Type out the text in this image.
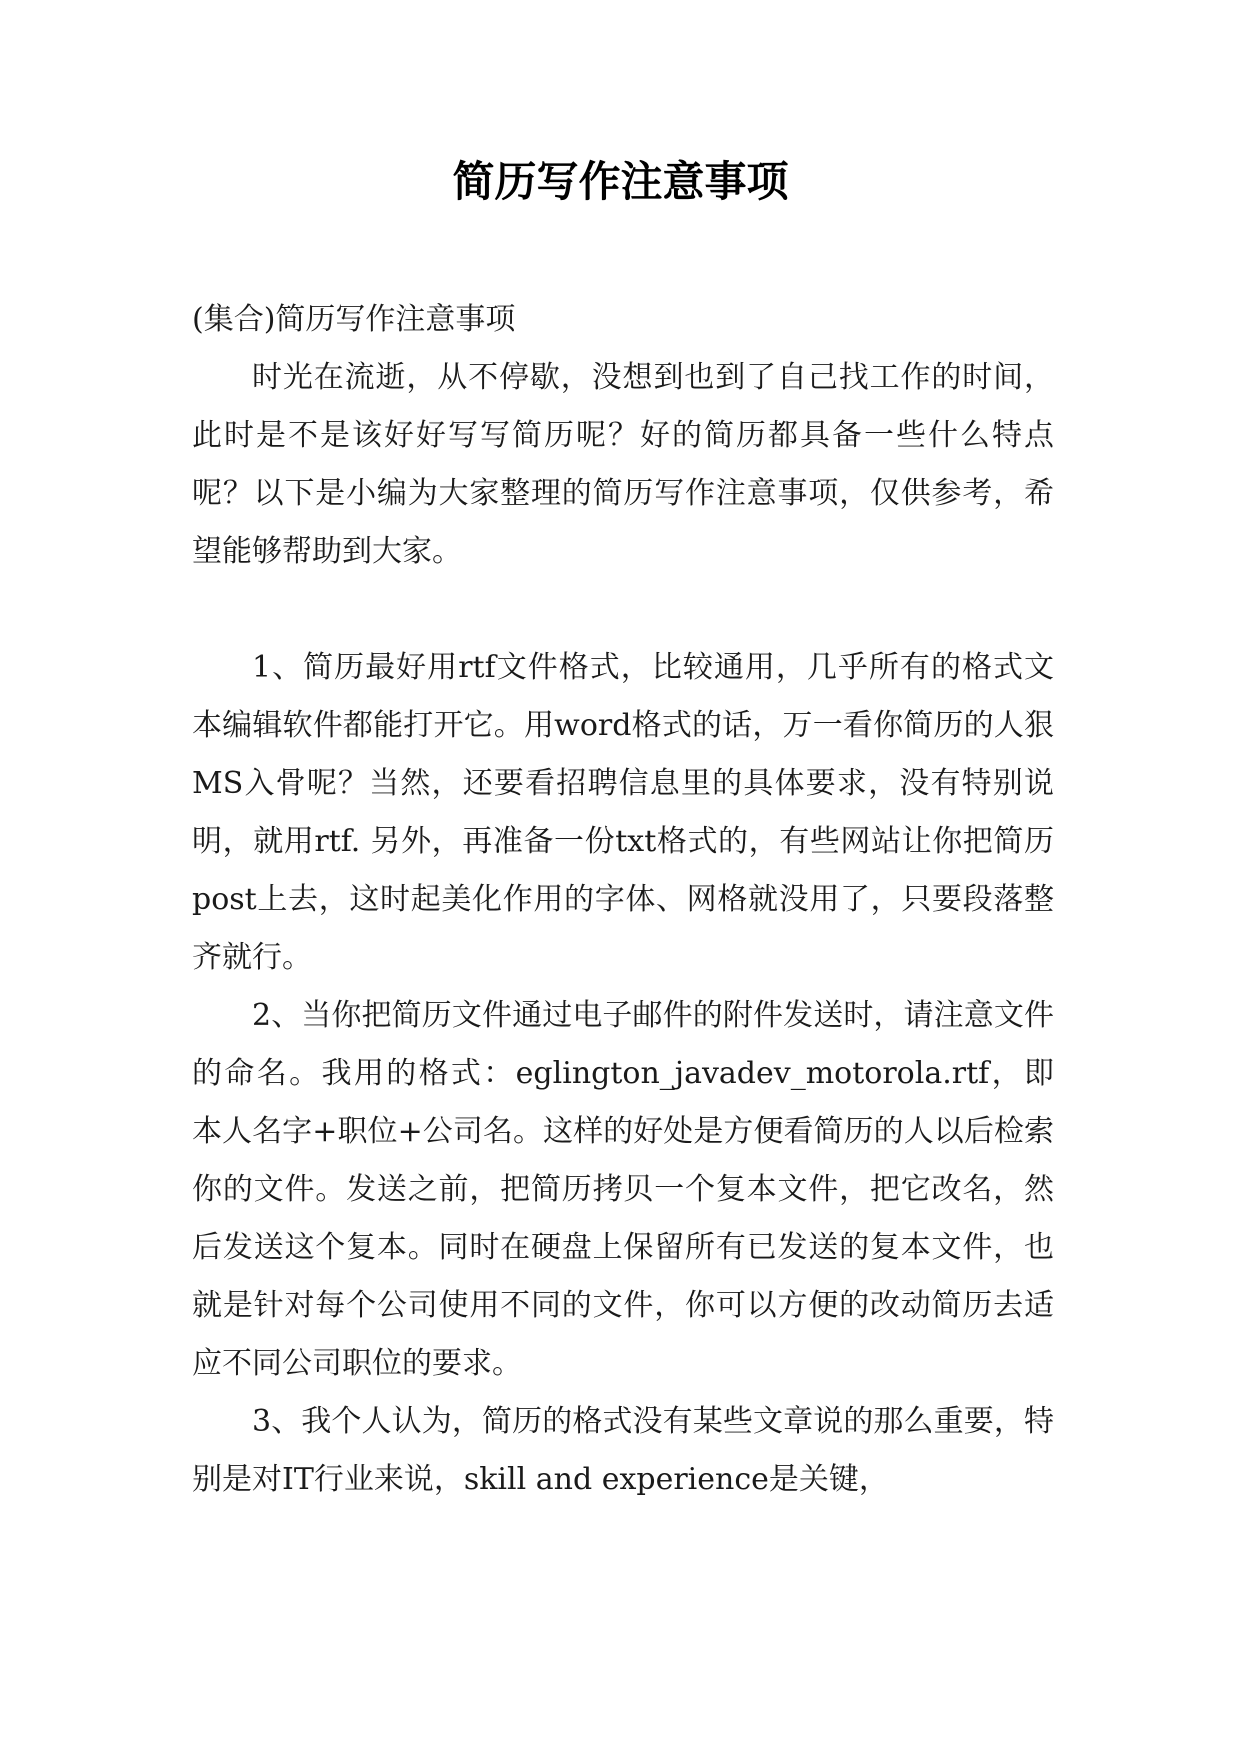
简历写作注意事项

(集合)简历写作注意事项

时光在流逝，从不停歇，没想到也到了自己找工作的时间，此时是不是该好好写写简历呢？好的简历都具备一些什么特点呢？以下是小编为大家整理的简历写作注意事项，仅供参考，希望能够帮助到大家。

1、简历最好用rtf文件格式，比较通用，几乎所有的格式文本编辑软件都能打开它。用word格式的话，万一看你简历的人狠MS入骨呢？当然，还要看招聘信息里的具体要求，没有特别说明，就用rtf. 另外，再准备一份txt格式的，有些网站让你把简历post上去，这时起美化作用的字体、网格就没用了，只要段落整齐就行。

2、当你把简历文件通过电子邮件的附件发送时，请注意文件的命名。我用的格式：eglington_javadev_motorola.rtf，即本人名字+职位+公司名。这样的好处是方便看简历的人以后检索你的文件。发送之前，把简历拷贝一个复本文件，把它改名，然后发送这个复本。同时在硬盘上保留所有已发送的复本文件，也就是针对每个公司使用不同的文件，你可以方便的改动简历去适应不同公司职位的要求。

3、我个人认为，简历的格式没有某些文章说的那么重要，特别是对IT行业来说，skill and experience是关键，
